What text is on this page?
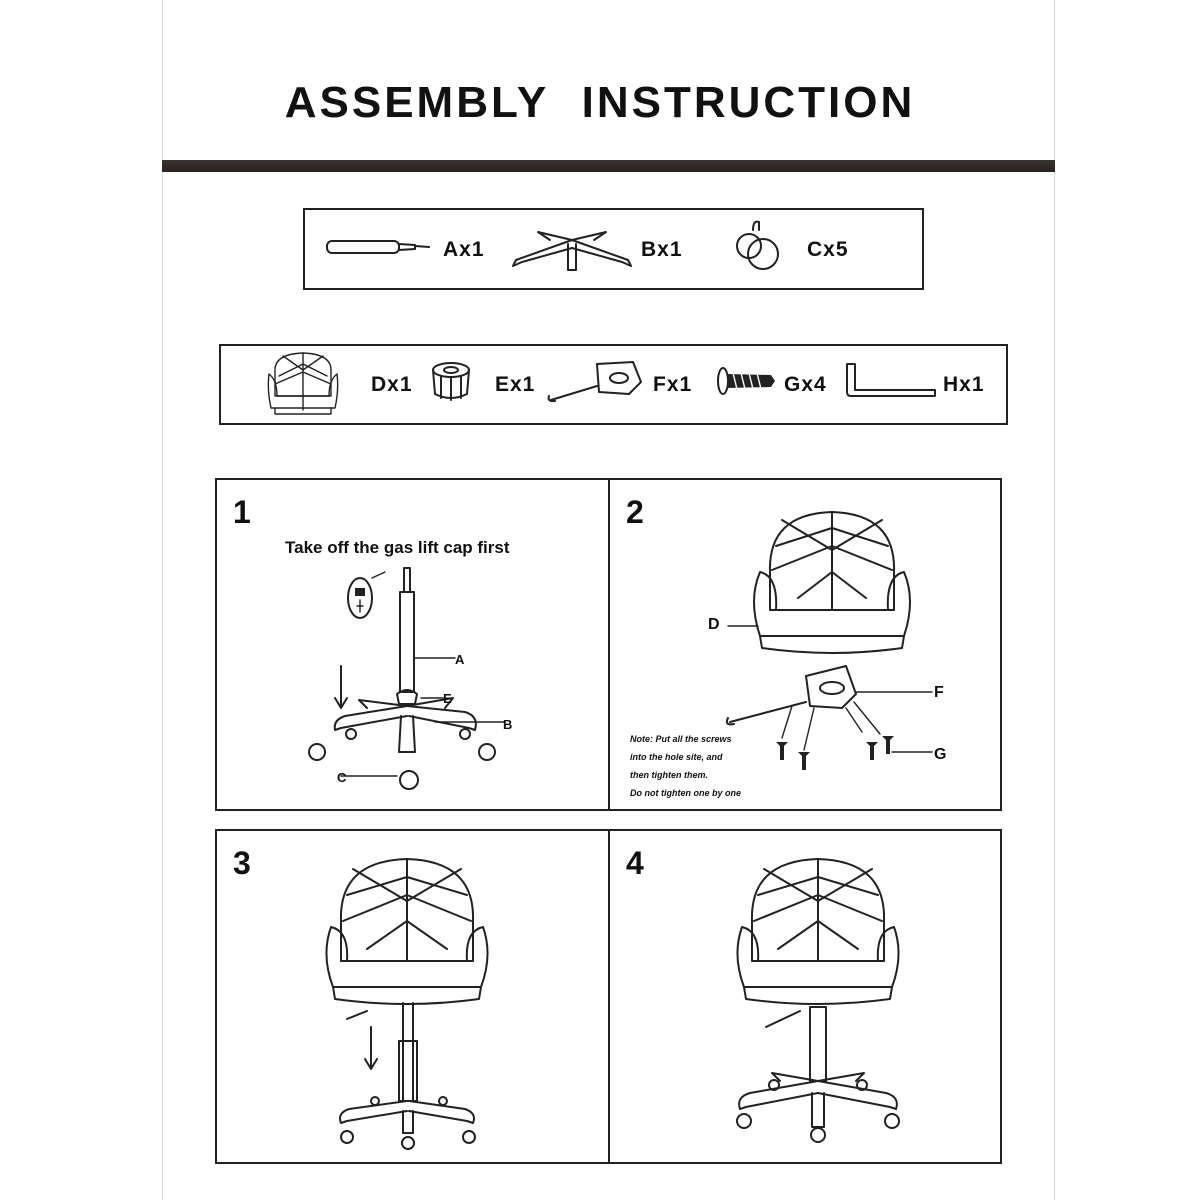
ASSEMBLY INSTRUCTION
Ax1	Bx1	Cx5
Dx1	Ex1	Fx1	Gx4	Hx1
1
Take off the gas lift cap first
A
E
B
C
2
D
F
G
Note: Put all the screws
into the hole site, and
then tighten them.
Do not tighten one by one
3	4
